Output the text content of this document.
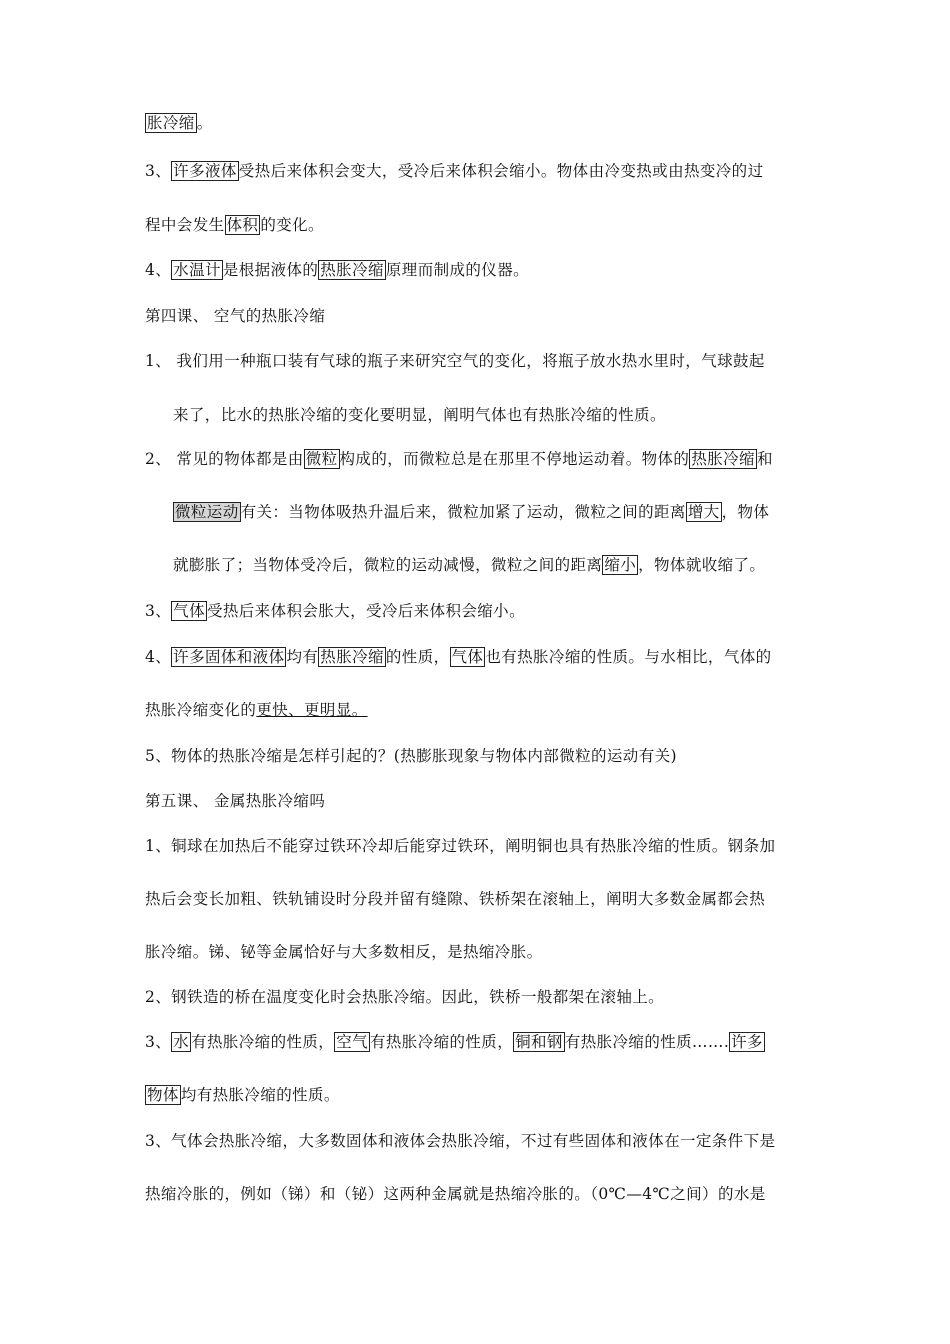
胀冷缩 。
3、 许多液体 受热后来体积会变大，受冷后来体积会缩小。物体由冷变热或由热变冷的过
程中会发生 体积 的变化。
4、 水温计 是根据液体的 热胀冷缩 原理而制成的仪器。
第四课、 空气的热胀冷缩
1、 我们用一种瓶口装有气球的瓶子来研究空气的变化，将瓶子放水热水里时，气球鼓起
来了，比水的热胀冷缩的变化要明显，阐明气体也有热胀冷缩的性质。
2、 常见的物体都是由 微粒 构成的，而微粒总是在那里不停地运动着。物体的 热胀冷缩 和
微粒运动 有关：当物体吸热升温后来，微粒加紧了运动，微粒之间的距离 增大 ，物体
就膨胀了；当物体受冷后，微粒的运动减慢，微粒之间的距离 缩小 ，物体就收缩了。
3、 气体 受热后来体积会胀大，受冷后来体积会缩小。
4、 许多固体和液体 均有 热胀冷缩 的性质， 气体 也有热胀冷缩的性质。与水相比，气体的
热胀冷缩变化的更快、更明显。
5、物体的热胀冷缩是怎样引起的？(热膨胀现象与物体内部微粒的运动有关)
第五课、 金属热胀冷缩吗
1、铜球在加热后不能穿过铁环冷却后能穿过铁环，阐明铜也具有热胀冷缩的性质。钢条加
热后会变长加粗、铁轨铺设时分段并留有缝隙、铁桥架在滚轴上，阐明大多数金属都会热
胀冷缩。锑、铋等金属恰好与大多数相反，是热缩冷胀。
2、钢铁造的桥在温度变化时会热胀冷缩。因此，铁桥一般都架在滚轴上。
3、 水 有热胀冷缩的性质， 空气 有热胀冷缩的性质， 铜和钢 有热胀冷缩的性质……. 许多
物体 均有热胀冷缩的性质。
3、气体会热胀冷缩，大多数固体和液体会热胀冷缩，不过有些固体和液体在一定条件下是
热缩冷胀的，例如（锑）和（铋）这两种金属就是热缩冷胀的。（0℃—4℃之间）的水是
